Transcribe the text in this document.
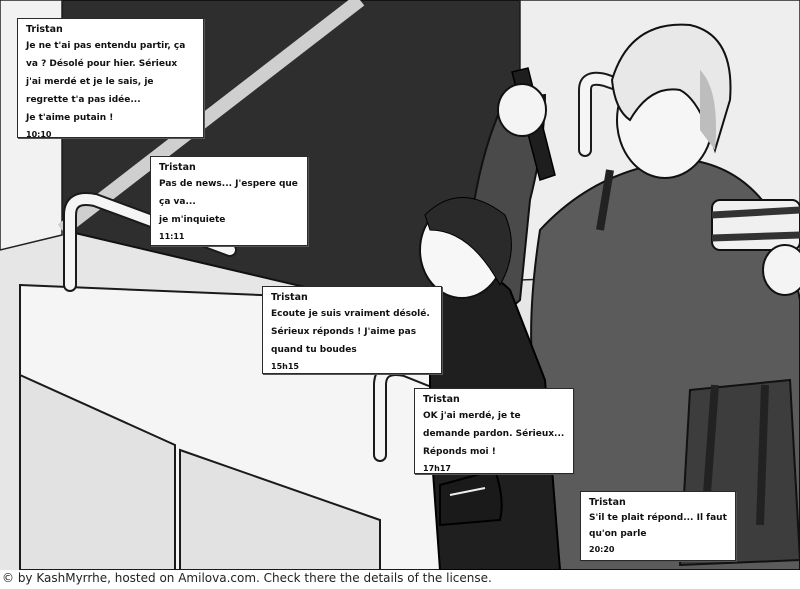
Tristan
Je ne t'ai pas entendu partir, ça
va ? Désolé pour hier. Sérieux
j'ai merdé et je le sais, je
regrette t'a pas idée...
Je t'aime putain !
10:10
Tristan
Pas de news... J'espere que
ça va...
je m'inquiete
11:11
Tristan
Ecoute je suis vraiment désolé.
Sérieux réponds ! J'aime pas
quand tu boudes
15h15
Tristan
OK j'ai merdé, je te
demande pardon. Sérieux...
Réponds moi !
17h17
Tristan
S'il te plait répond... Il faut
qu'on parle
20:20
© by KashMyrrhe, hosted on Amilova.com. Check there the details of the license.
